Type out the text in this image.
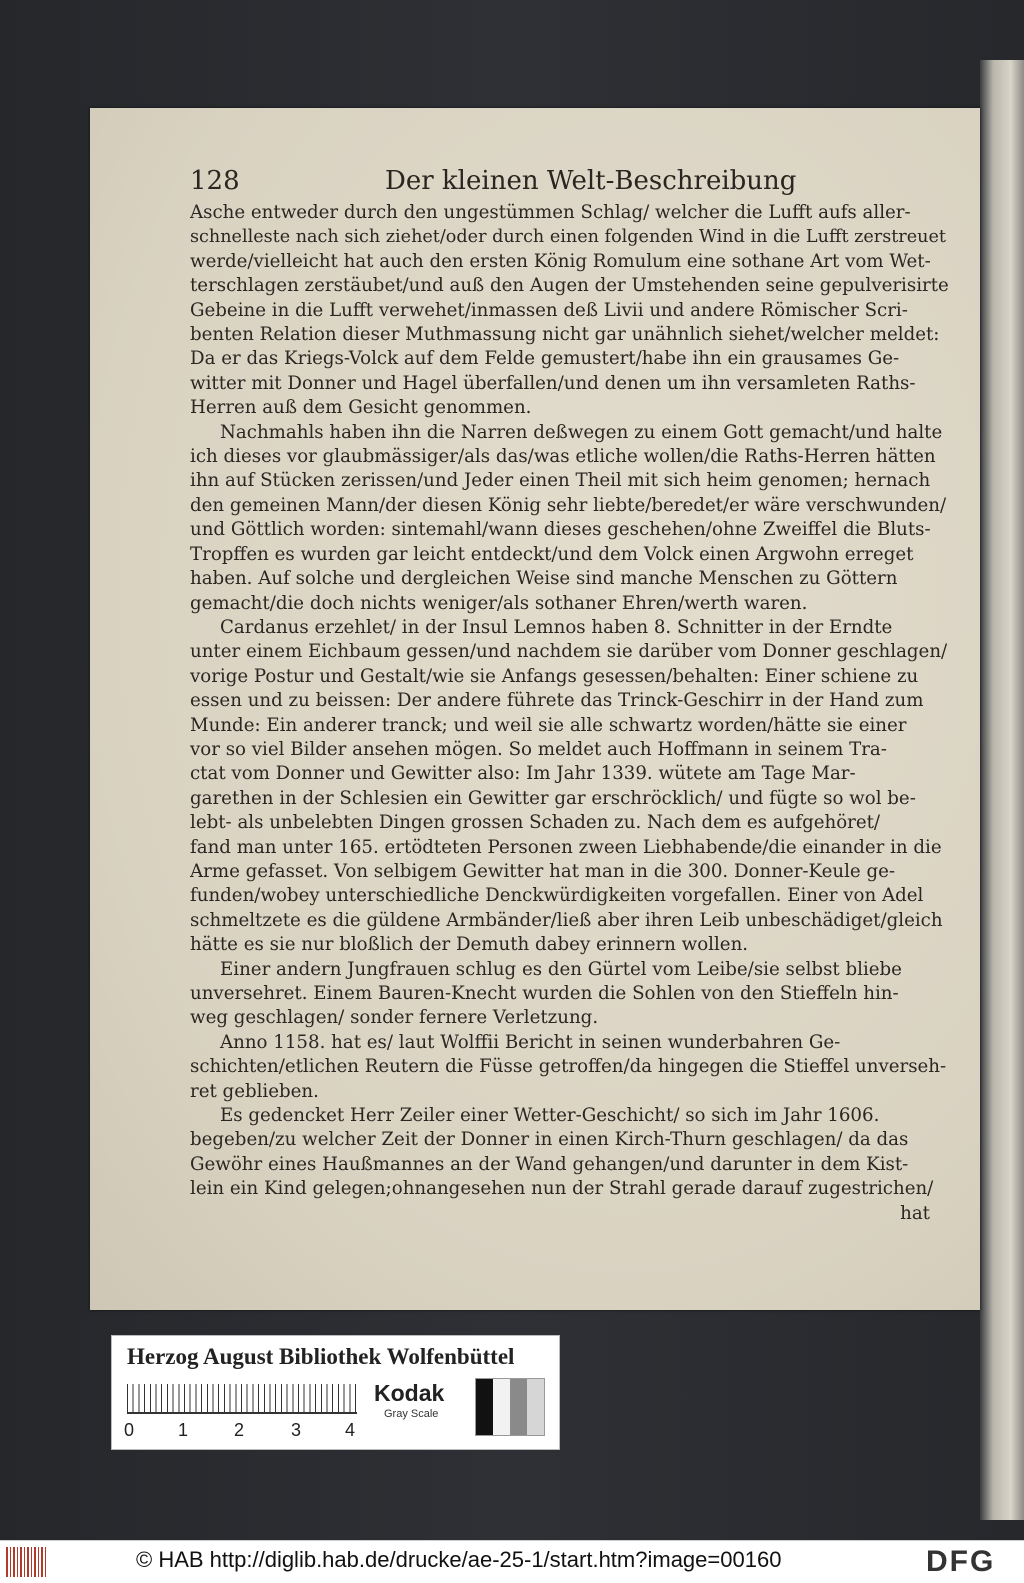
128	Der kleinen Welt-Beschreibung
Asche entweder durch den ungestümmen Schlag/ welcher die Lufft aufs aller-
schnelleste nach sich ziehet/oder durch einen folgenden Wind in die Lufft zerstreuet
werde/vielleicht hat auch den ersten König Romulum eine sothane Art vom Wet-
terschlagen zerstäubet/und auß den Augen der Umstehenden seine gepulverisirte
Gebeine in die Lufft verwehet/inmassen deß Livii und andere Römischer Scri-
benten Relation dieser Muthmassung nicht gar unähnlich siehet/welcher meldet:
Da er das Kriegs-Volck auf dem Felde gemustert/habe ihn ein grausames Ge-
witter mit Donner und Hagel überfallen/und denen um ihn versamleten Raths-
Herren auß dem Gesicht genommen.
Nachmahls haben ihn die Narren deßwegen zu einem Gott gemacht/und halte
ich dieses vor glaubmässiger/als das/was etliche wollen/die Raths-Herren hätten
ihn auf Stücken zerissen/und Jeder einen Theil mit sich heim genomen; hernach
den gemeinen Mann/der diesen König sehr liebte/beredet/er wäre verschwunden/
und Göttlich worden: sintemahl/wann dieses geschehen/ohne Zweiffel die Bluts-
Tropffen es wurden gar leicht entdeckt/und dem Volck einen Argwohn erreget
haben. Auf solche und dergleichen Weise sind manche Menschen zu Göttern
gemacht/die doch nichts weniger/als sothaner Ehren/werth waren.
Cardanus erzehlet/ in der Insul Lemnos haben 8. Schnitter in der Erndte
unter einem Eichbaum gessen/und nachdem sie darüber vom Donner geschlagen/
vorige Postur und Gestalt/wie sie Anfangs gesessen/behalten: Einer schiene zu
essen und zu beissen: Der andere führete das Trinck-Geschirr in der Hand zum
Munde: Ein anderer tranck; und weil sie alle schwartz worden/hätte sie einer
vor so viel Bilder ansehen mögen. So meldet auch Hoffmann in seinem Tra-
ctat vom Donner und Gewitter also: Im Jahr 1339. wütete am Tage Mar-
garethen in der Schlesien ein Gewitter gar erschröcklich/ und fügte so wol be-
lebt- als unbelebten Dingen grossen Schaden zu. Nach dem es aufgehöret/
fand man unter 165. ertödteten Personen zween Liebhabende/die einander in die
Arme gefasset. Von selbigem Gewitter hat man in die 300. Donner-Keule ge-
funden/wobey unterschiedliche Denckwürdigkeiten vorgefallen. Einer von Adel
schmeltzete es die güldene Armbänder/ließ aber ihren Leib unbeschädiget/gleich
hätte es sie nur bloßlich der Demuth dabey erinnern wollen.
Einer andern Jungfrauen schlug es den Gürtel vom Leibe/sie selbst bliebe
unversehret. Einem Bauren-Knecht wurden die Sohlen von den Stieffeln hin-
weg geschlagen/ sonder fernere Verletzung.
Anno 1158. hat es/ laut Wolffii Bericht in seinen wunderbahren Ge-
schichten/etlichen Reutern die Füsse getroffen/da hingegen die Stieffel unverseh-
ret geblieben.
Es gedencket Herr Zeiler einer Wetter-Geschicht/ so sich im Jahr 1606.
begeben/zu welcher Zeit der Donner in einen Kirch-Thurn geschlagen/ da das
Gewöhr eines Haußmannes an der Wand gehangen/und darunter in dem Kist-
lein ein Kind gelegen;ohnangesehen nun der Strahl gerade darauf zugestrichen/
hat
Herzog August Bibliothek Wolfenbüttel
0 1	2	3 4
Kodak
Gray Scale
© HAB http://diglib.hab.de/drucke/ae-25-1/start.htm?image=00160	DFG
